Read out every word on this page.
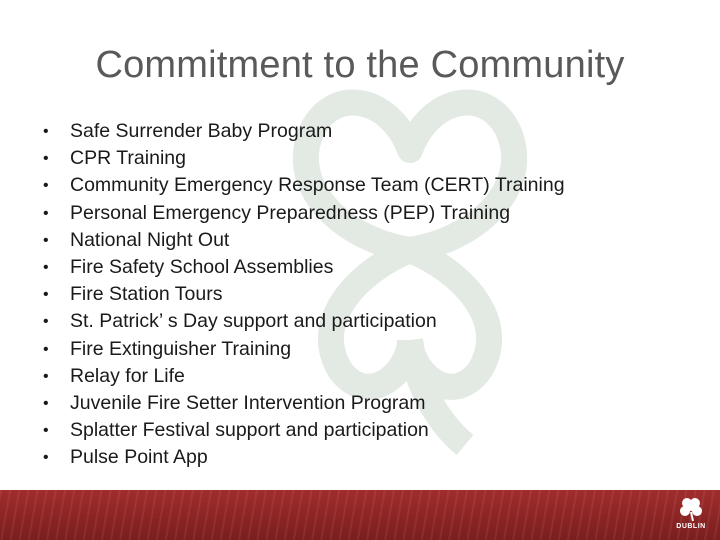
Commitment to the Community
• Safe Surrender Baby Program
• CPR Training
• Community Emergency Response Team (CERT) Training
• Personal Emergency Preparedness (PEP) Training
• National Night Out
• Fire Safety School Assemblies
• Fire Station Tours
• St. Patrick’ s Day support and participation
• Fire Extinguisher Training
• Relay for Life
• Juvenile Fire Setter Intervention Program
• Splatter Festival support and participation
• Pulse Point App
DUBLIN
